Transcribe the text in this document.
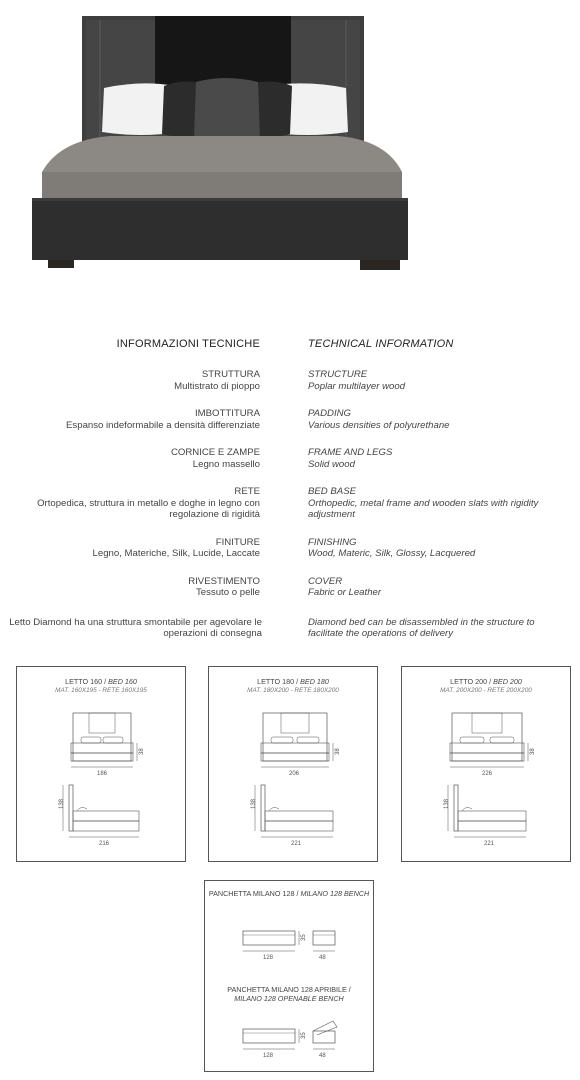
INFORMAZIONI TECNICHE	TECHNICAL INFORMATION
STRUTTURA
Multistrato di pioppo
STRUCTURE
Poplar multilayer wood
IMBOTTITURA
Espanso indeformabile a densità differenziate
PADDING
Various densities of polyurethane
CORNICE E ZAMPE
Legno massello
FRAME AND LEGS
Solid wood
RETE
Ortopedica, struttura in metallo e doghe in legno con regolazione di rigidità
BED BASE
Orthopedic, metal frame and wooden slats with rigidity adjustment
FINITURE
Legno, Materiche, Silk, Lucide, Laccate
FINISHING
Wood, Materic, Silk, Glossy, Lacquered
RIVESTIMENTO
Tessuto o pelle
COVER
Fabric or Leather
Letto Diamond ha una struttura smontabile per agevolare le operazioni di consegna
Diamond bed can be disassembled in the structure to facilitate the operations of delivery
LETTO 160 / BED 160
MAT. 160X195 - RETE 160X195
186
38
138
216
LETTO 180 / BED 180
MAT. 180X200 - RETE 180X200
206
38
138
221
LETTO 200 / BED 200
MAT. 200X200 - RETE 200X200
226
38
138
221
PANCHETTA MILANO 128 / MILANO 128 BENCH
PANCHETTA MILANO 128 APRIBILE /
MILANO 128 OPENABLE BENCH
128
35
48
128
35
48
